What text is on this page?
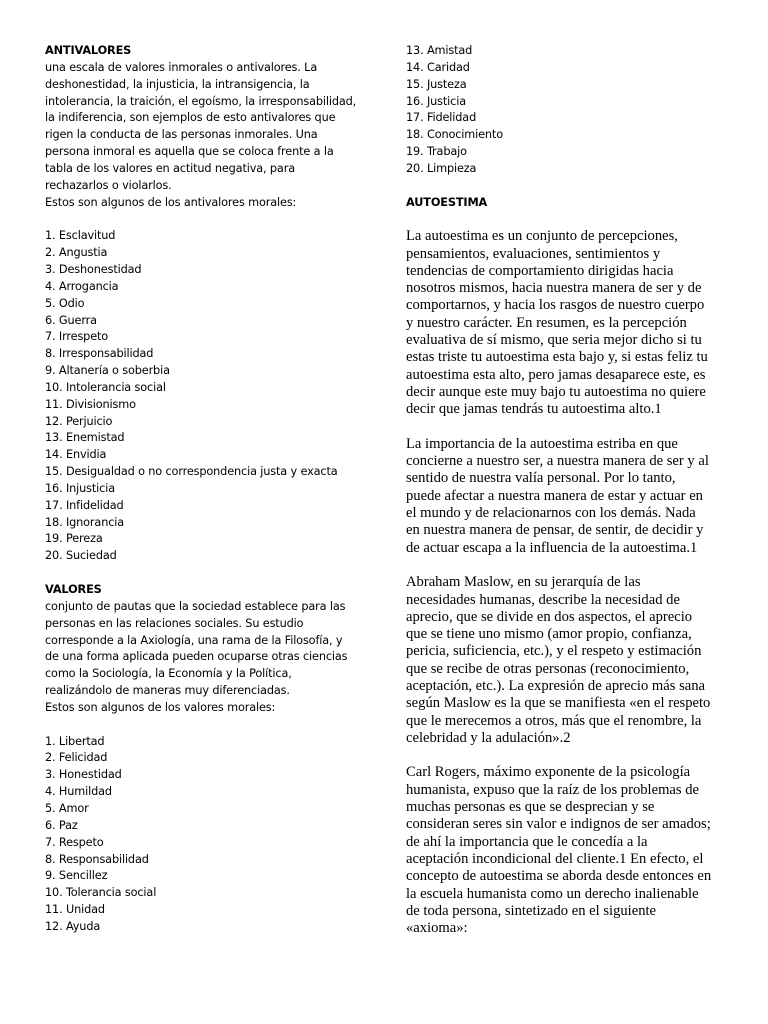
ANTIVALORES

una escala de valores inmorales o antivalores. La

deshonestidad, la injusticia, la intransigencia, la

intolerancia, la traición, el egoísmo, la irresponsabilidad,

la indiferencia, son ejemplos de esto antivalores que

rigen la conducta de las personas inmorales. Una

persona inmoral es aquella que se coloca frente a la

tabla de los valores en actitud negativa, para

rechazarlos o violarlos.

Estos son algunos de los antivalores morales:

1. Esclavitud
2. Angustia
3. Deshonestidad
4. Arrogancia
5. Odio
6. Guerra
7. Irrespeto
8. Irresponsabilidad
9. Altanería o soberbia
10. Intolerancia social
11. Divisionismo
12. Perjuicio
13. Enemistad
14. Envidia
15. Desigualdad o no correspondencia justa y exacta
16. Injusticia
17. Infidelidad
18. Ignorancia
19. Pereza
20. Suciedad

VALORES

conjunto de pautas que la sociedad establece para las

personas en las relaciones sociales. Su estudio

corresponde a la Axiología, una rama de la Filosofía, y

de una forma aplicada pueden ocuparse otras ciencias

como la Sociología, la Economía y la Política,

realizándolo de maneras muy diferenciadas.

Estos son algunos de los valores morales:

1. Libertad
2. Felicidad
3. Honestidad
4. Humildad
5. Amor
6. Paz
7. Respeto
8. Responsabilidad
9. Sencillez
10. Tolerancia social
11. Unidad
12. Ayuda
13. Amistad
14. Caridad
15. Justeza
16. Justicia
17. Fidelidad
18. Conocimiento
19. Trabajo
20. Limpieza

AUTOESTIMA

La autoestima es un conjunto de percepciones,

pensamientos, evaluaciones, sentimientos y

tendencias de comportamiento dirigidas hacia

nosotros mismos, hacia nuestra manera de ser y de

comportarnos, y hacia los rasgos de nuestro cuerpo

y nuestro carácter. En resumen, es la percepción

evaluativa de sí mismo, que seria mejor dicho si tu

estas triste tu autoestima esta bajo y, si estas feliz tu

autoestima esta alto, pero jamas desaparece este, es

decir aunque este muy bajo tu autoestima no quiere

decir que jamas tendrás tu autoestima alto.1

La importancia de la autoestima estriba en que

concierne a nuestro ser, a nuestra manera de ser y al

sentido de nuestra valía personal. Por lo tanto,

puede afectar a nuestra manera de estar y actuar en

el mundo y de relacionarnos con los demás. Nada

en nuestra manera de pensar, de sentir, de decidir y

de actuar escapa a la influencia de la autoestima.1

Abraham Maslow, en su jerarquía de las

necesidades humanas, describe la necesidad de

aprecio, que se divide en dos aspectos, el aprecio

que se tiene uno mismo (amor propio, confianza,

pericia, suficiencia, etc.), y el respeto y estimación

que se recibe de otras personas (reconocimiento,

aceptación, etc.). La expresión de aprecio más sana

según Maslow es la que se manifiesta «en el respeto

que le merecemos a otros, más que el renombre, la

celebridad y la adulación».2

Carl Rogers, máximo exponente de la psicología

humanista, expuso que la raíz de los problemas de

muchas personas es que se desprecian y se

consideran seres sin valor e indignos de ser amados;

de ahí la importancia que le concedía a la

aceptación incondicional del cliente.1 En efecto, el

concepto de autoestima se aborda desde entonces en

la escuela humanista como un derecho inalienable

de toda persona, sintetizado en el siguiente

«axioma»:
